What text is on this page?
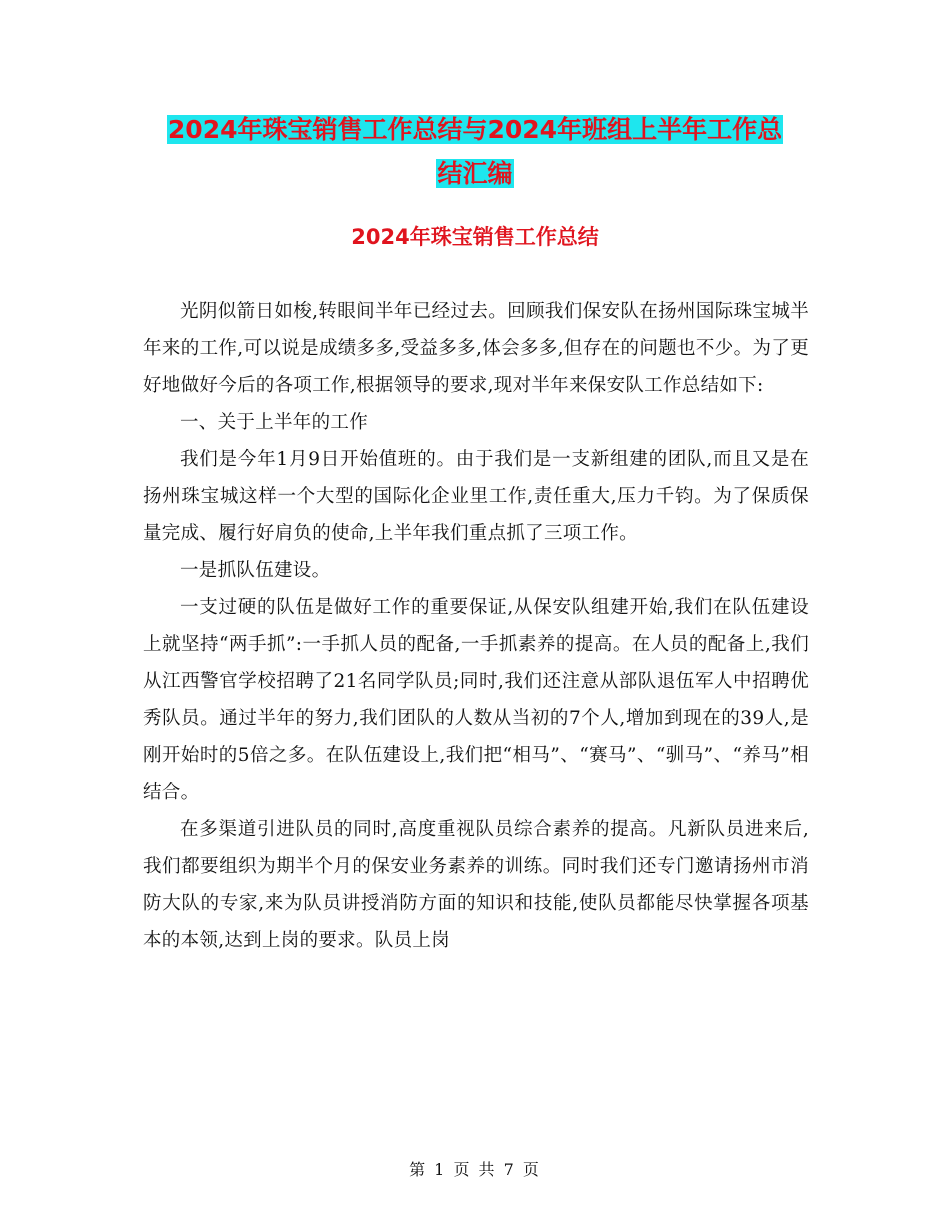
2024年珠宝销售工作总结与2024年班组上半年工作总
结汇编
2024年珠宝销售工作总结

光阴似箭日如梭,转眼间半年已经过去。回顾我们保安队在扬州国际珠宝城半年来的工作,可以说是成绩多多,受益多多,体会多多,但存在的问题也不少。为了更好地做好今后的各项工作,根据领导的要求,现对半年来保安队工作总结如下:

一、关于上半年的工作

我们是今年1月9日开始值班的。由于我们是一支新组建的团队,而且又是在扬州珠宝城这样一个大型的国际化企业里工作,责任重大,压力千钧。为了保质保量完成、履行好肩负的使命,上半年我们重点抓了三项工作。

一是抓队伍建设。

一支过硬的队伍是做好工作的重要保证,从保安队组建开始,我们在队伍建设上就坚持“两手抓”:一手抓人员的配备,一手抓素养的提高。在人员的配备上,我们从江西警官学校招聘了21名同学队员;同时,我们还注意从部队退伍军人中招聘优秀队员。通过半年的努力,我们团队的人数从当初的7个人,增加到现在的39人,是刚开始时的5倍之多。在队伍建设上,我们把“相马”、“赛马”、“驯马”、“养马”相结合。

在多渠道引进队员的同时,高度重视队员综合素养的提高。凡新队员进来后,我们都要组织为期半个月的保安业务素养的训练。同时我们还专门邀请扬州市消防大队的专家,来为队员讲授消防方面的知识和技能,使队员都能尽快掌握各项基本的本领,达到上岗的要求。队员上岗

第 1 页 共 7 页
